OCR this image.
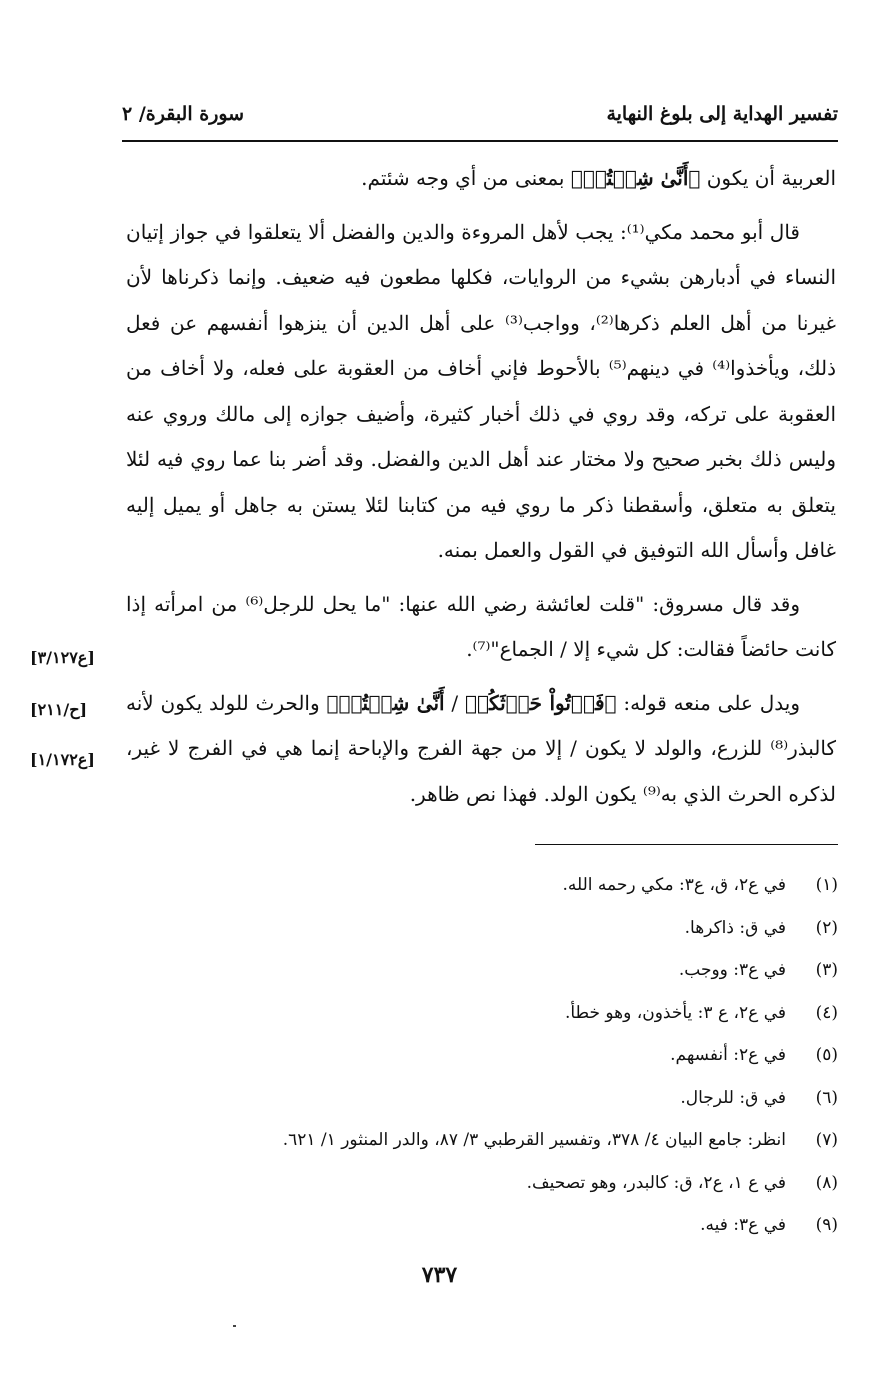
تفسير الهداية إلى بلوغ النهاية
سورة البقرة/ ٢

العربية أن يكون ﴿أَنَّىٰ شِئۡتُمۡ﴾ بمعنى من أي وجه شئتم.

قال أبو محمد مكي⁽¹⁾: يجب لأهل المروءة والدين والفضل ألا يتعلقوا في جواز إتيان النساء في أدبارهن بشيء من الروايات، فكلها مطعون فيه ضعيف. وإنما ذكرناها لأن غيرنا من أهل العلم ذكرها⁽²⁾، وواجب⁽³⁾ على أهل الدين أن ينزهوا أنفسهم عن فعل ذلك، ويأخذوا⁽⁴⁾ في دينهم⁽⁵⁾ بالأحوط فإني أخاف من العقوبة على فعله، ولا أخاف من العقوبة على تركه، وقد روي في ذلك أخبار كثيرة، وأضيف جوازه إلى مالك وروي عنه وليس ذلك بخبر صحيح ولا مختار عند أهل الدين والفضل. وقد أضر بنا عما روي فيه لئلا يتعلق به متعلق، وأسقطنا ذكر ما روي فيه من كتابنا لئلا يستن به جاهل أو يميل إليه غافل وأسأل الله التوفيق في القول والعمل بمنه.

وقد قال مسروق: "قلت لعائشة رضي الله عنها: "ما يحل للرجل⁽⁶⁾ من امرأته إذا كانت حائضاً فقالت: كل شيء إلا / الجماع"⁽⁷⁾.

ويدل على منعه قوله: ﴿فَأۡتُواْ حَرۡثَكُمۡ / أَنَّىٰ شِئۡتُمۡ﴾ والحرث للولد يكون لأنه كالبذر⁽⁸⁾ للزرع، والولد لا يكون / إلا من جهة الفرج والإباحة إنما هي في الفرج لا غير، لذكره الحرث الذي به⁽⁹⁾ يكون الولد. فهذا نص ظاهر.

[ع٣/١٢٧]
[ح/٢١١]
[ع١/١٧٢]
(١)
في ع٢، ق، ع٣: مكي رحمه الله.
(٢)
في ق: ذاكرها.
(٣)
في ع٣: ووجب.
(٤)
في ع٢، ع ٣: يأخذون، وهو خطأ.
(٥)
في ع٢: أنفسهم.
(٦)
في ق: للرجال.
(٧)
انظر: جامع البيان ٤/ ٣٧٨، وتفسير القرطبي ٣/ ٨٧، والدر المنثور ١/ ٦٢١.
(٨)
في ع ١، ع٢، ق: كالبدر، وهو تصحيف.
(٩)
في ع٣: فيه.
٧٣٧
